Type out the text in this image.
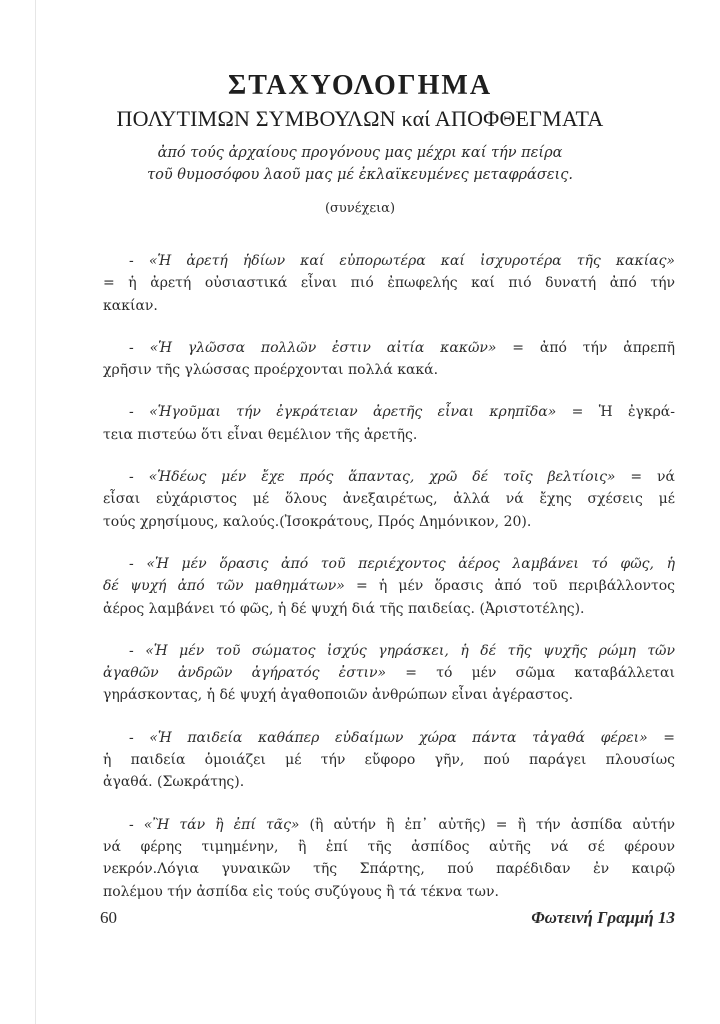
ΣΤΑΧΥΟΛΟΓΗΜΑ
ΠΟΛΥΤΙΜΩΝ ΣΥΜΒΟΥΛΩΝ καί ΑΠΟΦΘΕΓΜΑΤΑ
ἀπό τούς ἀρχαίους προγόνους μας μέχρι καί τήν πείρα
τοῦ θυμοσόφου λαοῦ μας μέ ἐκλαϊκευμένες μεταφράσεις.
(συνέχεια)
- «Ἡ ἀρετή ἡδίων καί εὐπορωτέρα καί ἰσχυροτέρα τῆς κακίας»
= ἡ ἀρετή οὐσιαστικά εἶναι πιό ἐπωφελής καί πιό δυνατή ἀπό τήν
κακίαν.
- «Ἡ γλῶσσα πολλῶν ἐστιν αἰτία κακῶν» = ἀπό τήν ἀπρεπῆ
χρῆσιν τῆς γλώσσας προέρχονται πολλά κακά.
- «Ἡγοῦμαι τήν ἐγκράτειαν ἀρετῆς εἶναι κρηπῖδα» = Ἡ ἐγκρά-
τεια πιστεύω ὅτι εἶναι θεμέλιον τῆς ἀρετῆς.
- «Ἡδέως μέν ἔχε πρός ἅπαντας, χρῶ δέ τοῖς βελτίοις» = νά
εἶσαι εὐχάριστος μέ ὅλους ἀνεξαιρέτως, ἀλλά νά ἔχης σχέσεις μέ
τούς χρησίμους, καλούς.(Ἰσοκράτους, Πρός Δημόνικον, 20).
- «Ἡ μέν ὅρασις ἀπό τοῦ περιέχοντος ἀέρος λαμβάνει τό φῶς, ἡ
δέ ψυχή ἀπό τῶν μαθημάτων» = ἡ μέν ὅρασις ἀπό τοῦ περιβάλλοντος
ἀέρος λαμβάνει τό φῶς, ἡ δέ ψυχή διά τῆς παιδείας. (Ἀριστοτέλης).
- «Ἡ μέν τοῦ σώματος ἰσχύς γηράσκει, ἡ δέ τῆς ψυχῆς ρώμη τῶν
ἀγαθῶν ἀνδρῶν ἀγήρατός ἐστιν» = τό μέν σῶμα καταβάλλεται
γηράσκοντας, ἡ δέ ψυχή ἀγαθοποιῶν ἀνθρώπων εἶναι ἀγέραστος.
- «Ἡ παιδεία καθάπερ εὐδαίμων χώρα πάντα τἀγαθά φέρει» =
ἡ παιδεία ὁμοιάζει μέ τήν εὔφορο γῆν, πού παράγει πλουσίως
ἀγαθά. (Σωκράτης).
- «Ἢ τάν ἢ ἐπί τᾶς» (ἢ αὐτήν ἢ ἐπ᾽ αὐτῆς) = ἢ τήν ἀσπίδα αὐτήν
νά φέρης τιμημένην, ἢ ἐπί τῆς ἀσπίδος αὐτῆς νά σέ φέρουν
νεκρόν.Λόγια γυναικῶν τῆς Σπάρτης, πού παρέδιδαν ἐν καιρῷ
πολέμου τήν ἀσπίδα εἰς τούς συζύγους ἢ τά τέκνα των.
60	Φωτεινή Γραμμή 13
